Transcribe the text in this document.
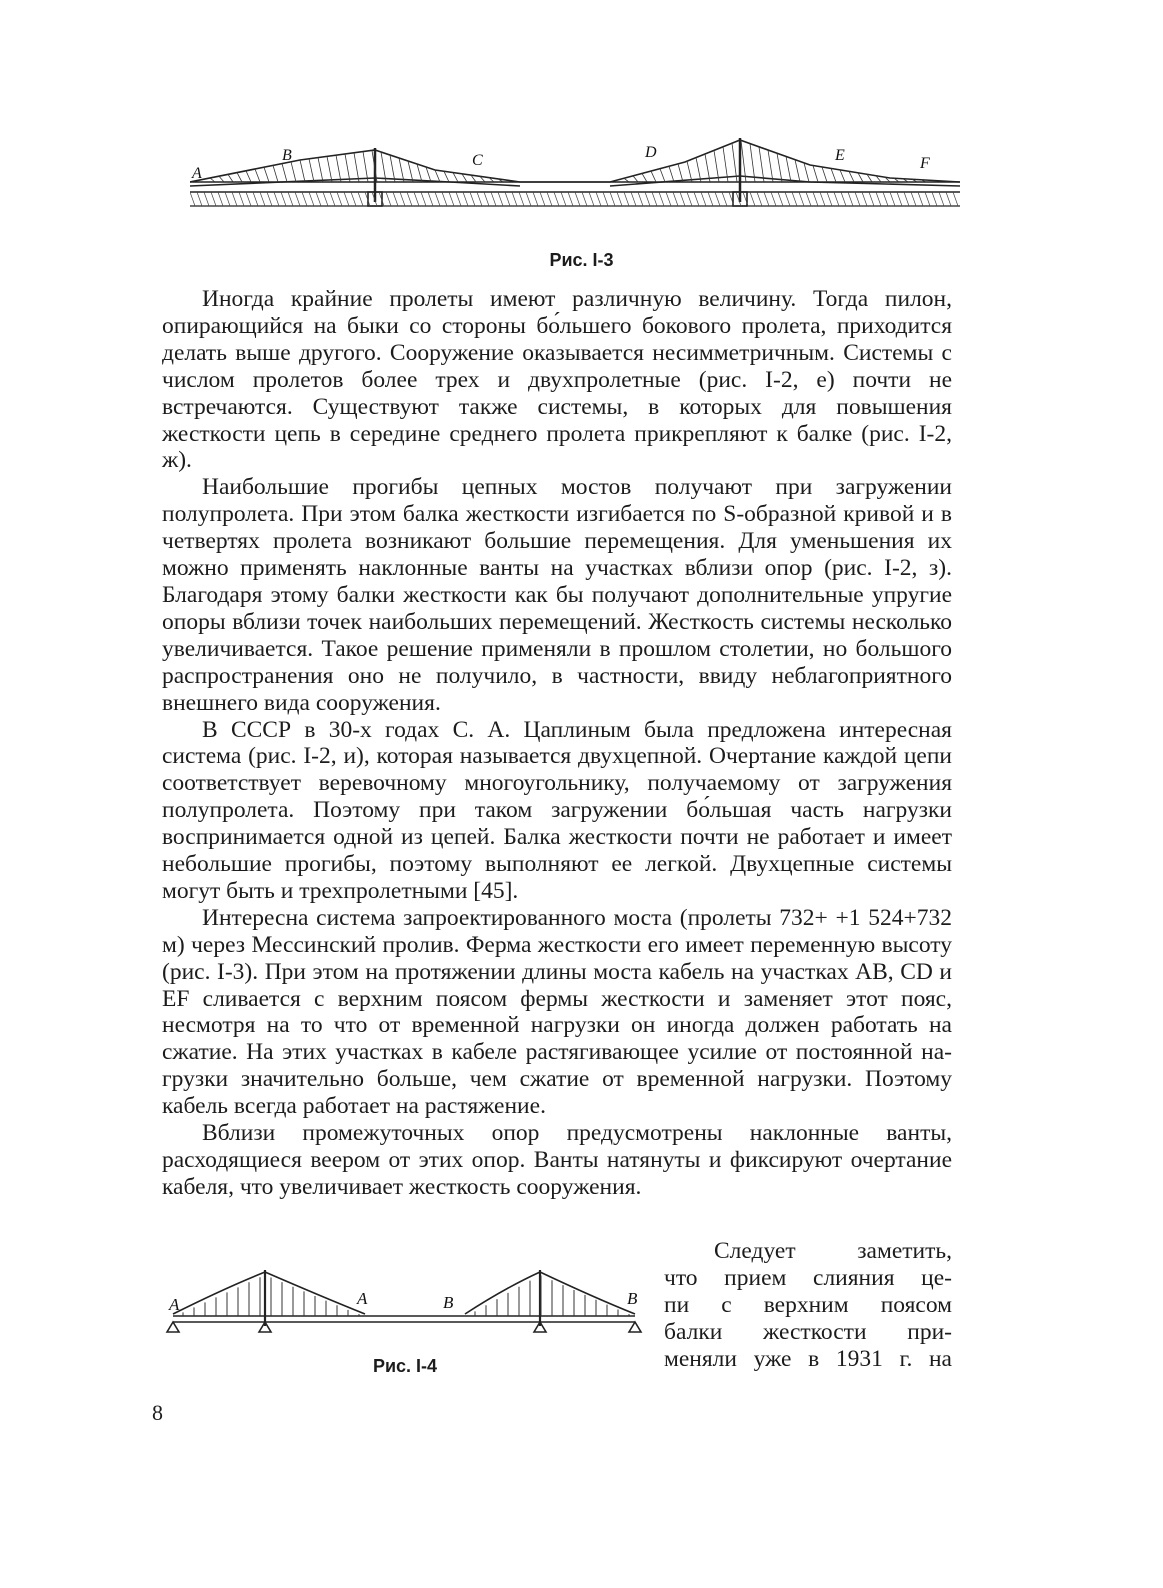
A
B	C	D	E	F
Рис. I-3

Иногда крайние пролеты имеют различную величину. Тогда пилон, опирающийся на быки со стороны бо́льшего бокового пролета, приходится делать выше другого. Сооружение оказывается несимметричным. Системы с числом пролетов более трех и двухпролетные (рис. I-2, е) почти не встречаются. Существуют также системы, в которых для повышения жесткости цепь в середине среднего пролета прикрепляют к балке (рис. I-2, ж).

Наибольшие прогибы цепных мостов получают при загружении полупролета. При этом балка жесткости изгибается по S-образной кривой и в четвертях пролета возникают большие перемещения. Для уменьшения их можно применять наклонные ванты на участках вблизи опор (рис. I-2, з). Благодаря этому балки жесткости как бы получают дополнительные упругие опоры вблизи точек наибольших перемещений. Жесткость системы несколько увеличивается. Такое решение применяли в прошлом столетии, но большого распространения оно не получило, в частности, ввиду неблагоприятного внешнего вида сооружения.

В СССР в 30-х годах С. А. Цаплиным была предложена интересная система (рис. I-2, и), которая называется двухцепной. Очертание каждой цепи соответствует веревочному многоугольнику, получаемому от загружения полупролета. Поэтому при таком загружении бо́льшая часть нагрузки воспринимается одной из цепей. Балка жесткости почти не работает и имеет небольшие прогибы, поэтому выполняют ее легкой. Двухцепные системы могут быть и трехпролетными [45].

Интересна система запроектированного моста (пролеты 732+ +1 524+732 м) через Мессинский пролив. Ферма жесткости его имеет переменную высоту (рис. I-3). При этом на протяжении длины моста кабель на участках AB, CD и EF сливается с верхним поясом фермы жесткости и заменяет этот пояс, несмотря на то что от временной нагрузки он иногда должен работать на сжатие. На этих участках в кабеле растягивающее усилие от постоянной нагрузки значительно больше, чем сжатие от временной нагрузки. Поэтому кабель всегда работает на растяжение.

Вблизи промежуточных опор предусмотрены наклонные ванты, расходящиеся веером от этих опор. Ванты натянуты и фиксируют очертание кабеля, что увеличивает жесткость сооружения.

A	A	B	B
Рис. I-4
Следует заметить,
что прием слияния це-
пи с верхним поясом
балки жесткости при-
меняли уже в 1931 г. на
8
